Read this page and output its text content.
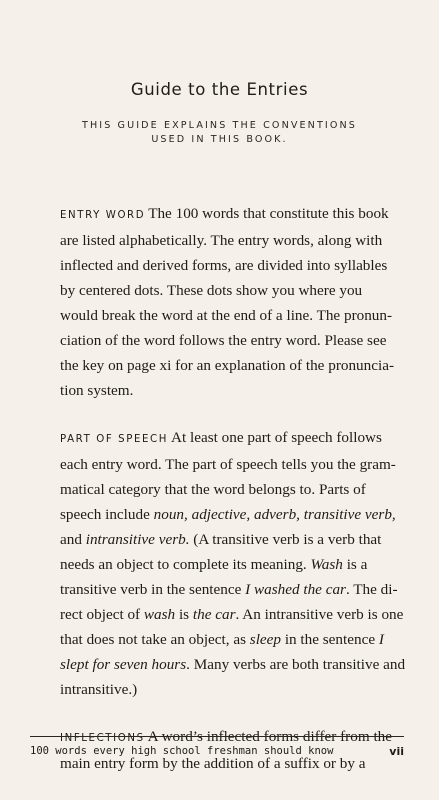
Guide to the Entries
THIS GUIDE EXPLAINS THE CONVENTIONS
USED IN THIS BOOK.
ENTRY WORD The 100 words that constitute this book
are listed alphabetically. The entry words, along with
inflected and derived forms, are divided into syllables
by centered dots. These dots show you where you
would break the word at the end of a line. The pronun-
ciation of the word follows the entry word. Please see
the key on page xi for an explanation of the pronuncia-
tion system.
PART OF SPEECH At least one part of speech follows
each entry word. The part of speech tells you the gram-
matical category that the word belongs to. Parts of
speech include noun, adjective, adverb, transitive verb,
and intransitive verb. (A transitive verb is a verb that
needs an object to complete its meaning. Wash is a
transitive verb in the sentence I washed the car. The di-
rect object of wash is the car. An intransitive verb is one
that does not take an object, as sleep in the sentence I
slept for seven hours. Many verbs are both transitive and
intransitive.)
INFLECTIONS A word’s inflected forms differ from the
main entry form by the addition of a suffix or by a
100 words every high school freshman should know	vii
